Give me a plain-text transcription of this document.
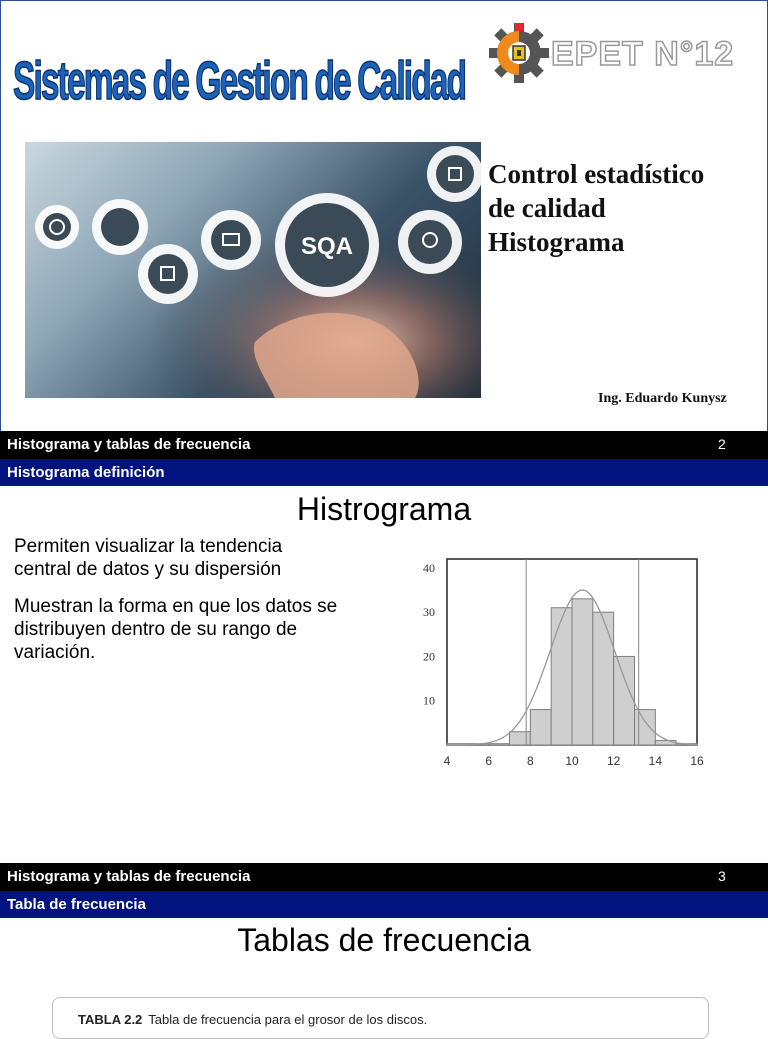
Sistemas de Gestion de Calidad	EPET N°12
SQA
Control estadístico
de calidad
Histograma
Ing. Eduardo Kunysz
Histograma y tablas de frecuencia	2
Histograma definición
Histrograma
Permiten visualizar la tendencia central de datos y su dispersión
Muestran la forma en que los datos se distribuyen dentro de su rango de variación.
4	6	8	10 12 14 16
10
20
30
40
Histograma y tablas de frecuencia	3
Tabla de frecuencia
Tablas de frecuencia
TABLA 2.2 Tabla de frecuencia para el grosor de los discos.
